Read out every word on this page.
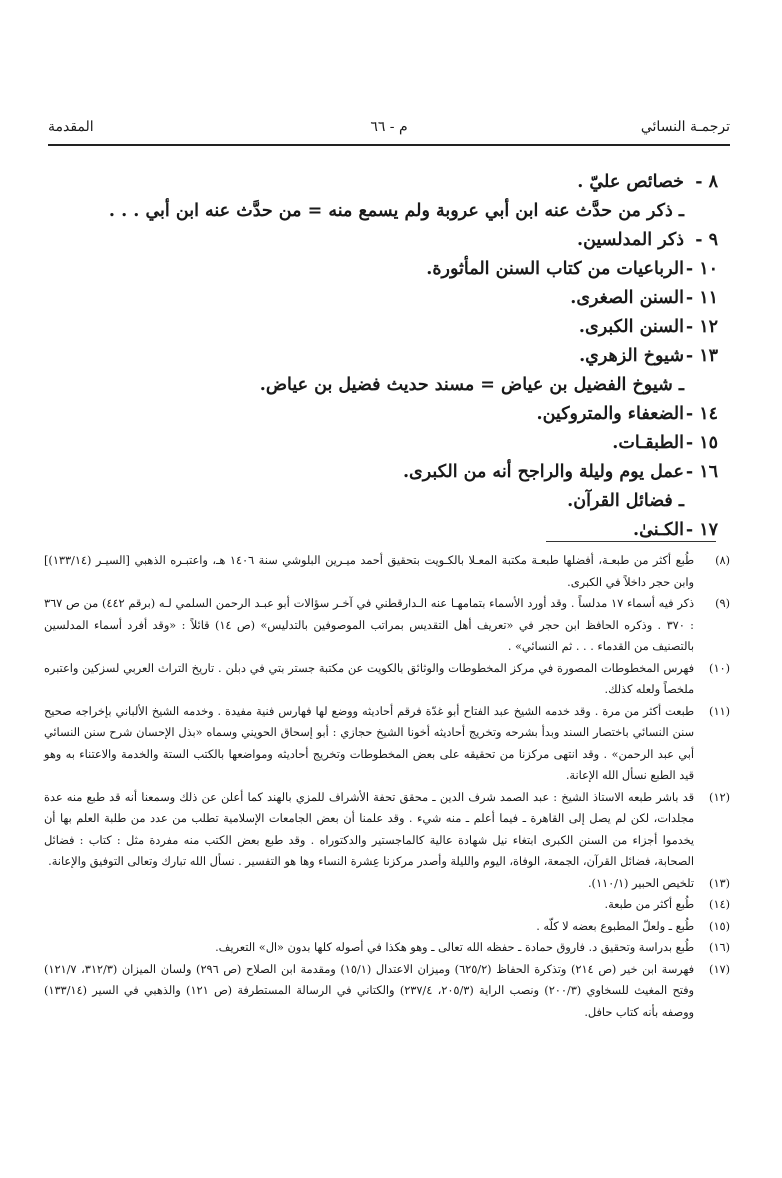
ترجمـة النسائي
م - ٦٦
المقدمة
٨ -
خصائص عليّ .
ـ ذكر من حدَّث عنه ابن أبي عروبة ولم يسمع منه = من حدَّث عنه ابن أبي . . .
٩ -
ذكر المدلسين.
١٠ -
الرباعيات من كتاب السنن المأثورة.
١١ -
السنن الصغرى.
١٢ -
السنن الكبرى.
١٣ -
شيوخ الزهري.
ـ شيوخ الفضيل بن عياض = مسند حديث فضيل بن عياض.
١٤ -
الضعفاء والمتروكين.
١٥ -
الطبقـات.
١٦ -
عمل يوم وليلة والراجح أنه من الكبرى.
ـ فضائل القرآن.
١٧ -
الكـنىٰ.
(٨)
طُبع أكثر من طبعـة، أفضلها طبعـة مكتبة المعـلا بالكـويت بتحقيق أحمد ميـرين البلوشي سنة ١٤٠٦ هـ، واعتبـره الذهبي [السيـر (١٣٣/١٤)] وابن حجر داخلاً في الكبرى.
(٩)
ذكر فيه أسماء ١٧ مدلساً . وقد أورد الأسماء بتمامهـا عنه الـدارقطني في آخـر سؤالات أبو عبـد الرحمن السلمي لـه (برقم ٤٤٢) من ص ٣٦٧ : ٣٧٠ . وذكره الحافظ ابن حجر في «تعريف أهل التقديس بمراتب الموصوفين بالتدليس» (ص ١٤) قائلاً : «وقد أفرد أسماء المدلسين بالتصنيف من القدماء . . . ثم النسائي» .
(١٠)
فهرس المخطوطات المصورة في مركز المخطوطات والوثائق بالكويت عن مكتبة جستر بتي في دبلن . تاريخ التراث العربي لسزكين واعتبره ملخصاً ولعله كذلك.
(١١)
طبعت أكثر من مرة . وقد خدمه الشيخ عبد الفتاح أبو غدّة فرقم أحاديثه ووضع لها فهارس فنية مفيدة . وخدمه الشيخ الألباني بإخراجه صحيح سنن النسائي باختصار السند وبدأ بشرحه وتخريج أحاديثه أخونا الشيخ حجازي : أبو إسحاق الحويني وسماه «بذل الإحسان شرح سنن النسائي أبي عبد الرحمن» . وقد انتهى مركزنا من تحقيقه على بعض المخطوطات وتخريج أحاديثه ومواضعها بالكتب الستة والخدمة والاعتناء به وهو قيد الطبع نسأل الله الإعانة.
(١٢)
قد باشر طبعه الاستاذ الشيخ : عبد الصمد شرف الدين ـ محقق تحفة الأشراف للمزي بالهند كما أعلن عن ذلك وسمعنا أنه قد طبع منه عدة مجلدات، لكن لم يصل إلى القاهرة ـ فيما أعلم ـ منه شيء . وقد علمنا أن بعض الجامعات الإسلامية تطلب من عدد من طلبة العلم بها أن يخدموا أجزاء من السنن الكبرى ابتغاء نيل شهادة عالية كالماجستير والدكتوراه . وقد طبع بعض الكتب منه مفردة مثل : كتاب : فضائل الصحابة، فضائل القرآن، الجمعة، الوفاة، اليوم والليلة وأصدر مركزنا عِشرة النساء وها هو التفسير . نسأل الله تبارك وتعالى التوفيق والإعانة.
(١٣)
تلخيص الحبير (١١٠/١).
(١٤)
طُبع أكثر من طبعة.
(١٥)
طُبع ـ ولعلّ المطبوع بعضه لا كلّه .
(١٦)
طُبع بدراسة وتحقيق د. فاروق حمادة ـ حفظه الله تعالى ـ وهو هكذا في أصوله كلها بدون «ال» التعريف.
(١٧)
فهرسة ابن خير (ص ٢١٤) وتذكرة الحفاظ (٦٢٥/٢) وميزان الاعتدال (١٥/١) ومقدمة ابن الصلاح (ص ٢٩٦) ولسان الميزان (٣١٢/٣، ١٢١/٧) وفتح المغيث للسخاوي (٢٠٠/٣) ونصب الراية (٢٠٥/٣، ٢٣٧/٤) والكتاني في الرسالة المستطرفة (ص ١٢١) والذهبي في السير (١٣٣/١٤) ووصفه بأنه كتاب حافل.
